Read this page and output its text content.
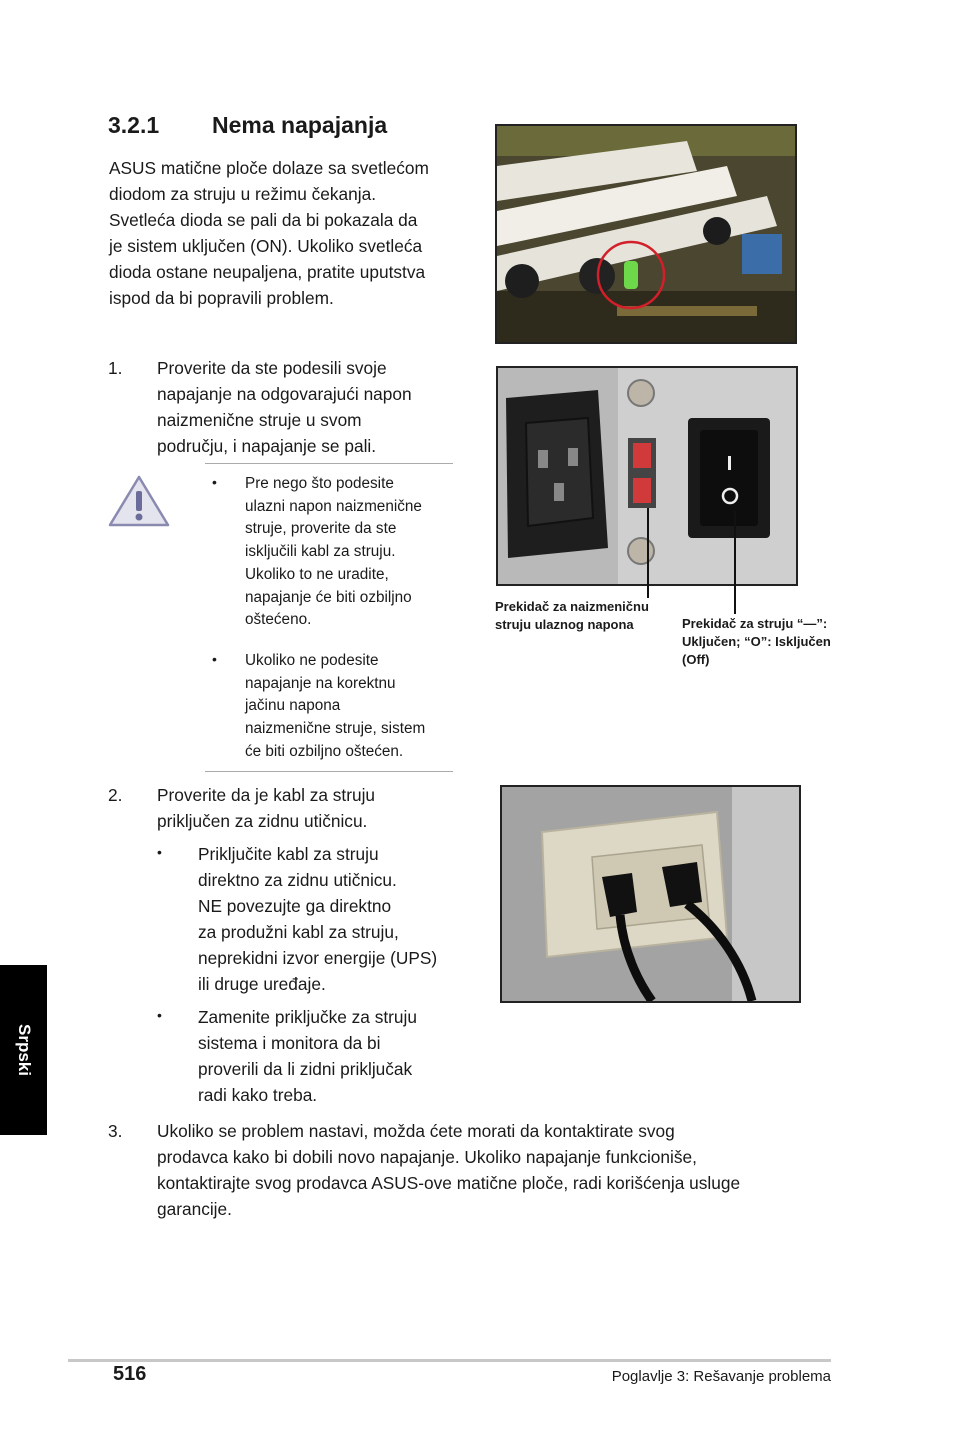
3.2.1 Nema napajanja
ASUS matične ploče dolaze sa svetlećom
diodom za struju u režimu čekanja.
Svetleća dioda se pali da bi pokazala da
je sistem uključen (ON). Ukoliko svetleća
dioda ostane neupaljena, pratite uputstva
ispod da bi popravili problem.
1. Proverite da ste podesili svoje
napajanje na odgovarajući napon
naizmenične struje u svom
području, i napajanje se pali.
Prekidač za naizmeničnu
struju ulaznog napona	Prekidač za struju “—”:
Uključen; “O”: Isključen
(Off)
• Pre nego što podesite
ulazni napon naizmenične
struje, proverite da ste
isključili kabl za struju.
Ukoliko to ne uradite,
napajanje će biti ozbiljno
oštećeno.
• Ukoliko ne podesite
napajanje na korektnu
jačinu napona
naizmenične struje, sistem
će biti ozbiljno oštećen.
2. Proverite da je kabl za struju
priključen za zidnu utičnicu.
• Priključite kabl za struju
direktno za zidnu utičnicu.
NE povezujte ga direktno
za produžni kabl za struju,
neprekidni izvor energije (UPS)
ili druge uređaje.
• Zamenite priključke za struju
sistema i monitora da bi
proverili da li zidni priključak
radi kako treba.
3. Ukoliko se problem nastavi, možda ćete morati da kontaktirate svog
prodavca kako bi dobili novo napajanje. Ukoliko napajanje funkcioniše,
kontaktirajte svog prodavca ASUS-ove matične ploče, radi korišćenja usluge
garancije.
Srpski
516	Poglavlje 3: Rešavanje problema
